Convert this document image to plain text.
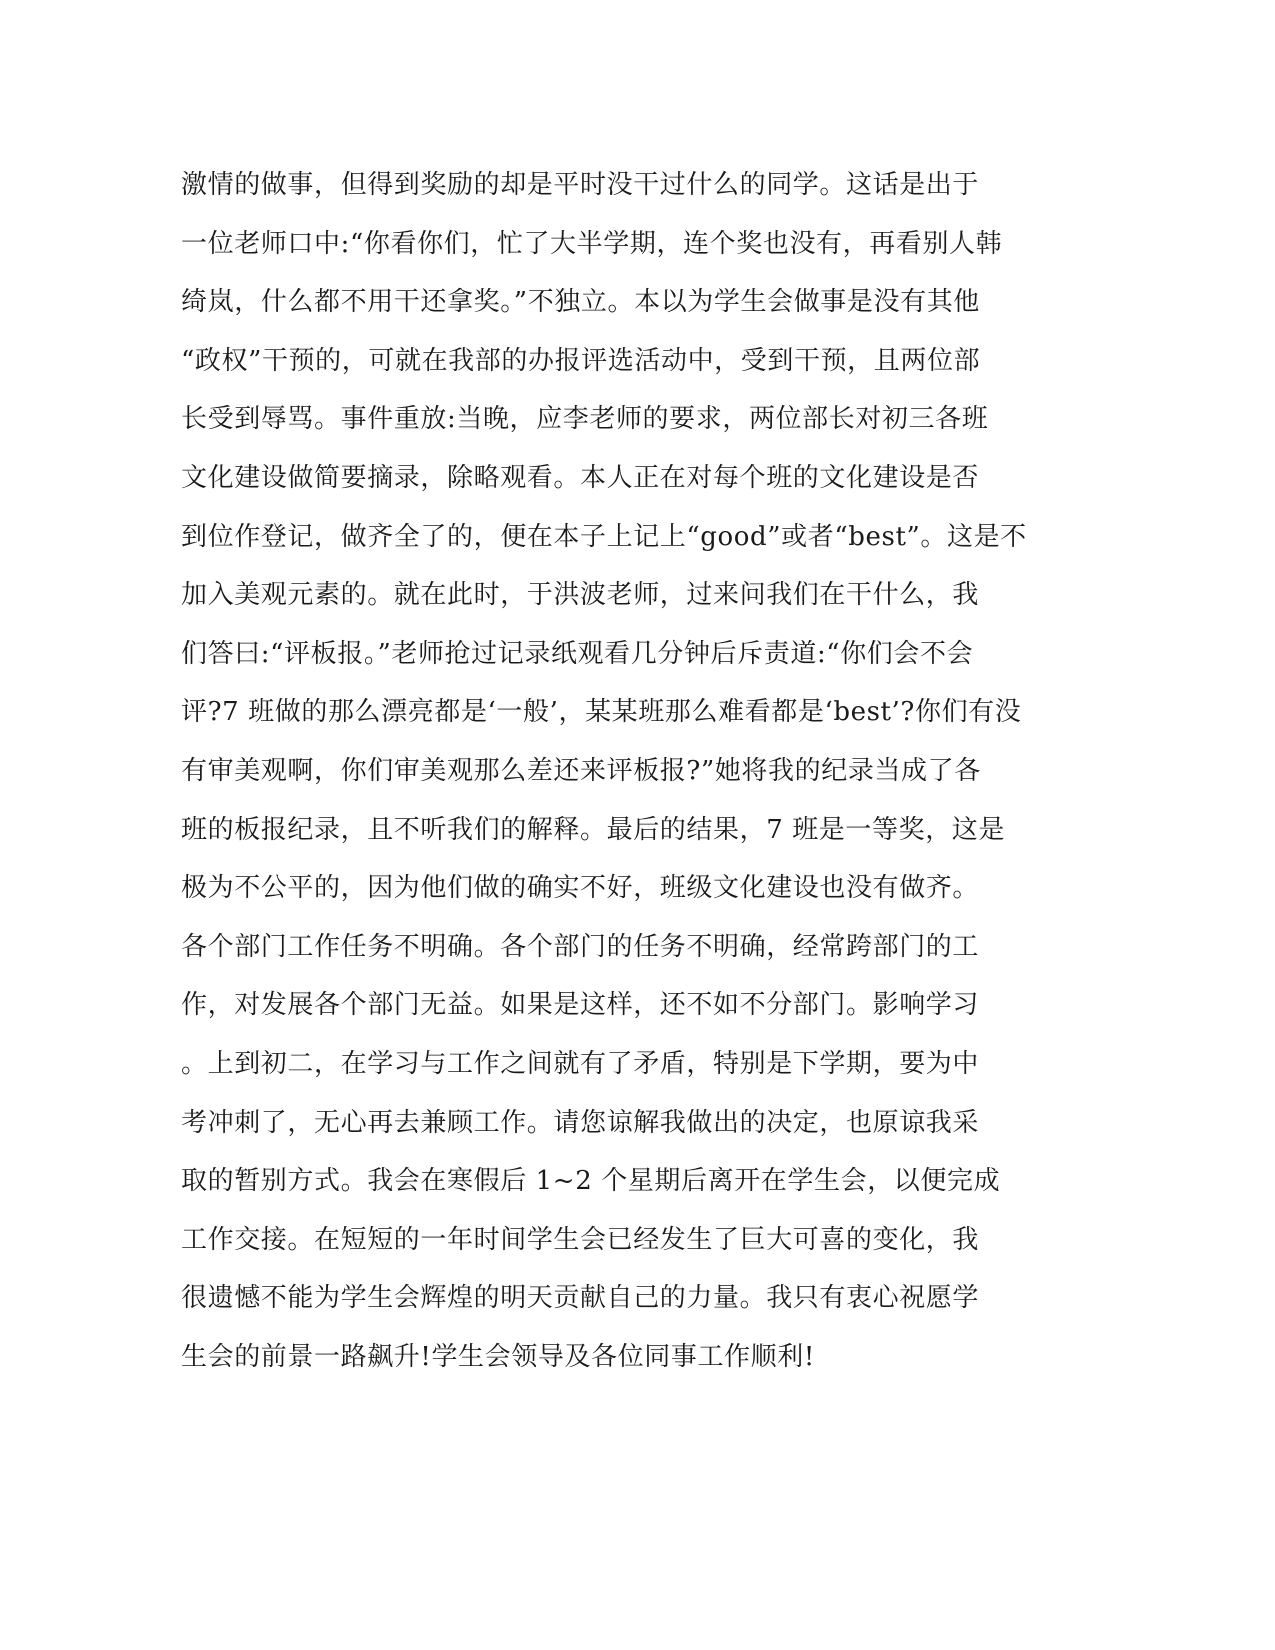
激情的做事，但得到奖励的却是平时没干过什么的同学。这话是出于
一位老师口中:“你看你们，忙了大半学期，连个奖也没有，再看别人韩
绮岚，什么都不用干还拿奖。”不独立。本以为学生会做事是没有其他
“政权”干预的，可就在我部的办报评选活动中，受到干预，且两位部
长受到辱骂。事件重放:当晚，应李老师的要求，两位部长对初三各班
文化建设做简要摘录，除略观看。本人正在对每个班的文化建设是否
到位作登记，做齐全了的，便在本子上记上“good”或者“best”。这是不
加入美观元素的。就在此时，于洪波老师，过来问我们在干什么，我
们答曰:“评板报。”老师抢过记录纸观看几分钟后斥责道:“你们会不会
评?7 班做的那么漂亮都是‘一般’，某某班那么难看都是‘best’?你们有没
有审美观啊，你们审美观那么差还来评板报?”她将我的纪录当成了各
班的板报纪录，且不听我们的解释。最后的结果，7 班是一等奖，这是
极为不公平的，因为他们做的确实不好，班级文化建设也没有做齐。
各个部门工作任务不明确。各个部门的任务不明确，经常跨部门的工
作，对发展各个部门无益。如果是这样，还不如不分部门。影响学习
。上到初二，在学习与工作之间就有了矛盾，特别是下学期，要为中
考冲刺了，无心再去兼顾工作。请您谅解我做出的决定，也原谅我采
取的暂别方式。我会在寒假后 1~2 个星期后离开在学生会，以便完成
工作交接。在短短的一年时间学生会已经发生了巨大可喜的变化，我
很遗憾不能为学生会辉煌的明天贡献自己的力量。我只有衷心祝愿学
生会的前景一路飙升!学生会领导及各位同事工作顺利!
